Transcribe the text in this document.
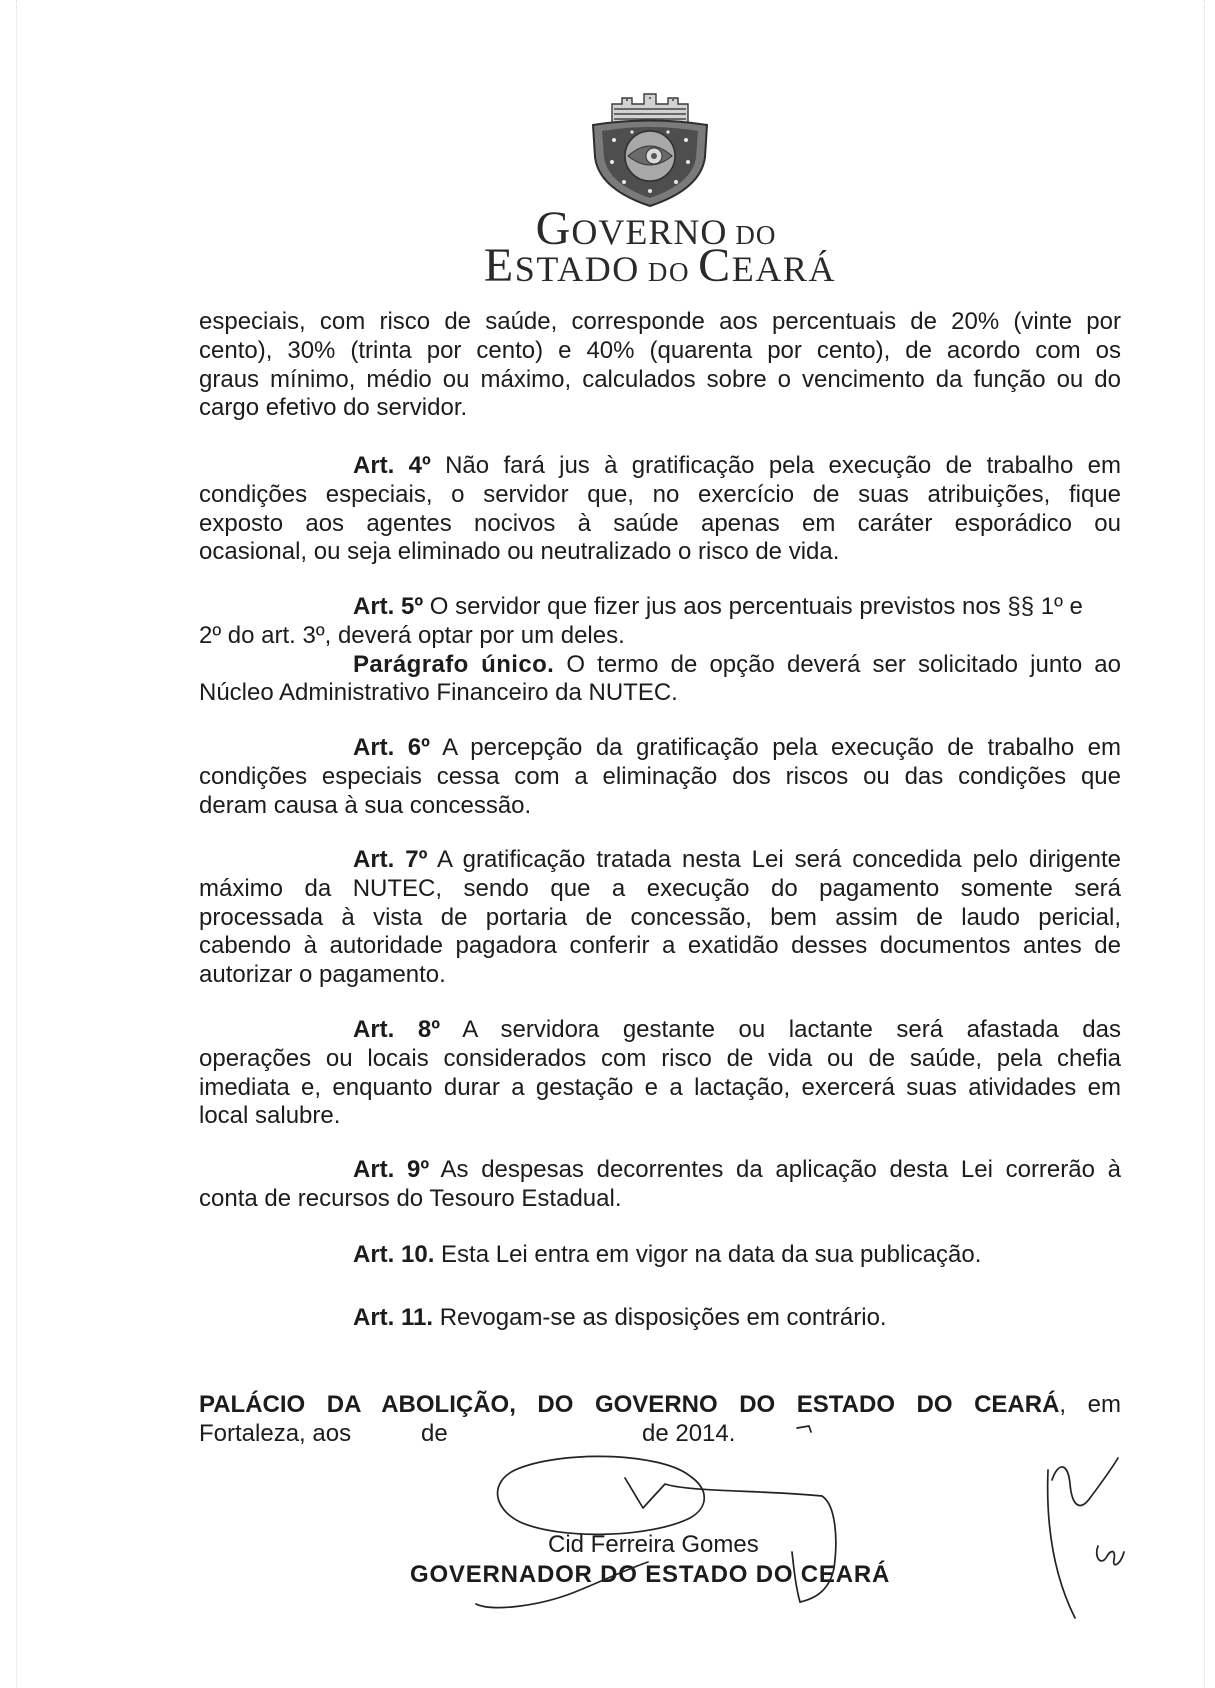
GOVERNO DO
ESTADO DO CEARÁ
especiais, com risco de saúde, corresponde aos percentuais de 20% (vinte por
cento), 30% (trinta por cento) e 40% (quarenta por cento), de acordo com os
graus mínimo, médio ou máximo, calculados sobre o vencimento da função ou do
cargo efetivo do servidor.
Art. 4º Não fará jus à gratificação pela execução de trabalho em
condições especiais, o servidor que, no exercício de suas atribuições, fique
exposto aos agentes nocivos à saúde apenas em caráter esporádico ou
ocasional, ou seja eliminado ou neutralizado o risco de vida.
Art. 5º O servidor que fizer jus aos percentuais previstos nos §§ 1º e
2º do art. 3º, deverá optar por um deles.
Parágrafo único. O termo de opção deverá ser solicitado junto ao
Núcleo Administrativo Financeiro da NUTEC.
Art. 6º A percepção da gratificação pela execução de trabalho em
condições especiais cessa com a eliminação dos riscos ou das condições que
deram causa à sua concessão.
Art. 7º A gratificação tratada nesta Lei será concedida pelo dirigente
máximo da NUTEC, sendo que a execução do pagamento somente será
processada à vista de portaria de concessão, bem assim de laudo pericial,
cabendo à autoridade pagadora conferir a exatidão desses documentos antes de
autorizar o pagamento.
Art. 8º A servidora gestante ou lactante será afastada das
operações ou locais considerados com risco de vida ou de saúde, pela chefia
imediata e, enquanto durar a gestação e a lactação, exercerá suas atividades em
local salubre.
Art. 9º As despesas decorrentes da aplicação desta Lei correrão à
conta de recursos do Tesouro Estadual.
Art. 10. Esta Lei entra em vigor na data da sua publicação.
Art. 11. Revogam-se as disposições em contrário.
PALÁCIO DA ABOLIÇÃO, DO GOVERNO DO ESTADO DO CEARÁ, em
Fortaleza, aos	de	de 2014.
Cid Ferreira Gomes
GOVERNADOR DO ESTADO DO CEARÁ
